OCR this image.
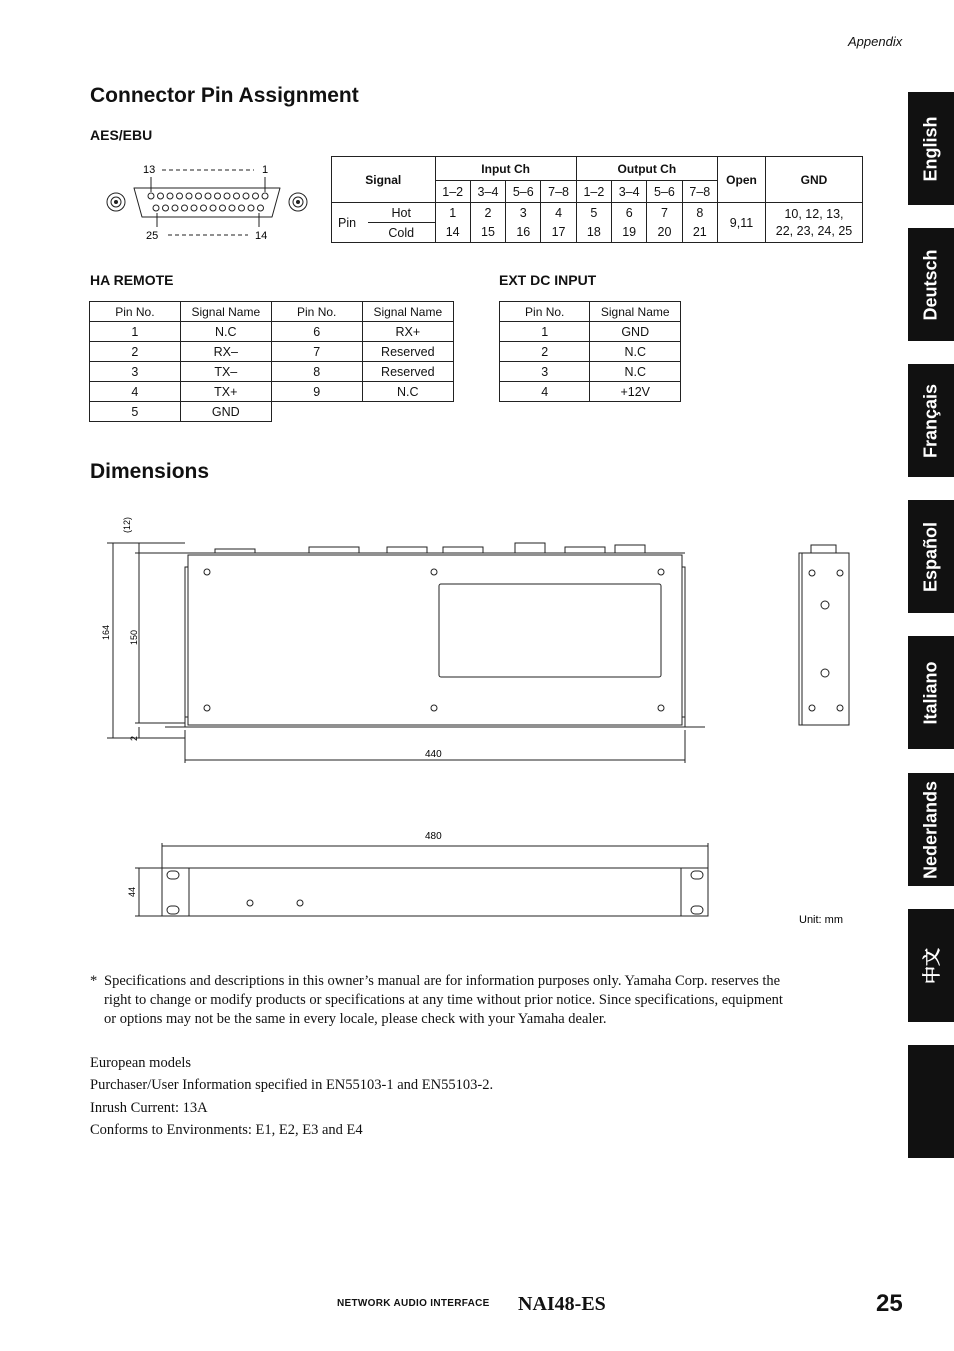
Appendix
Connector Pin Assignment
AES/EBU
13	1
25	14
Signal		Input Ch				Output Ch				Open	GND
		1–2	3–4	5–6	7–8	1–2	3–4	5–6	7–8		
Pin	Hot	1	2	3	4	5	6	7	8	9,11	10, 12, 13,
22, 23, 24, 25
	Cold	14	15	16	17	18	19	20	21		
HA REMOTE
Pin No.	Signal Name	Pin No.	Signal Name
1	N.C	6	RX+
2	RX–	7	Reserved
3	TX–	8	Reserved
4	TX+	9	N.C
5	GND		
EXT DC INPUT
Pin No.	Signal Name
1	GND
2	N.C
3	N.C
4	+12V
Dimensions
(12)
164 150
2
440
480
44
Unit: mm
* Specifications and descriptions in this owner’s manual are for information purposes only. Yamaha Corp. reserves the
right to change or modify products or specifications at any time without prior notice. Since specifications, equipment
or options may not be the same in every locale, please check with your Yamaha dealer.
European models
Purchaser/User Information specified in EN55103-1 and EN55103-2.
Inrush Current: 13A
Conforms to Environments: E1, E2, E3 and E4
English
Deutsch
Français
Español
Italiano
Nederlands
中文
NETWORK AUDIO INTERFACE NAI48-ES	25
